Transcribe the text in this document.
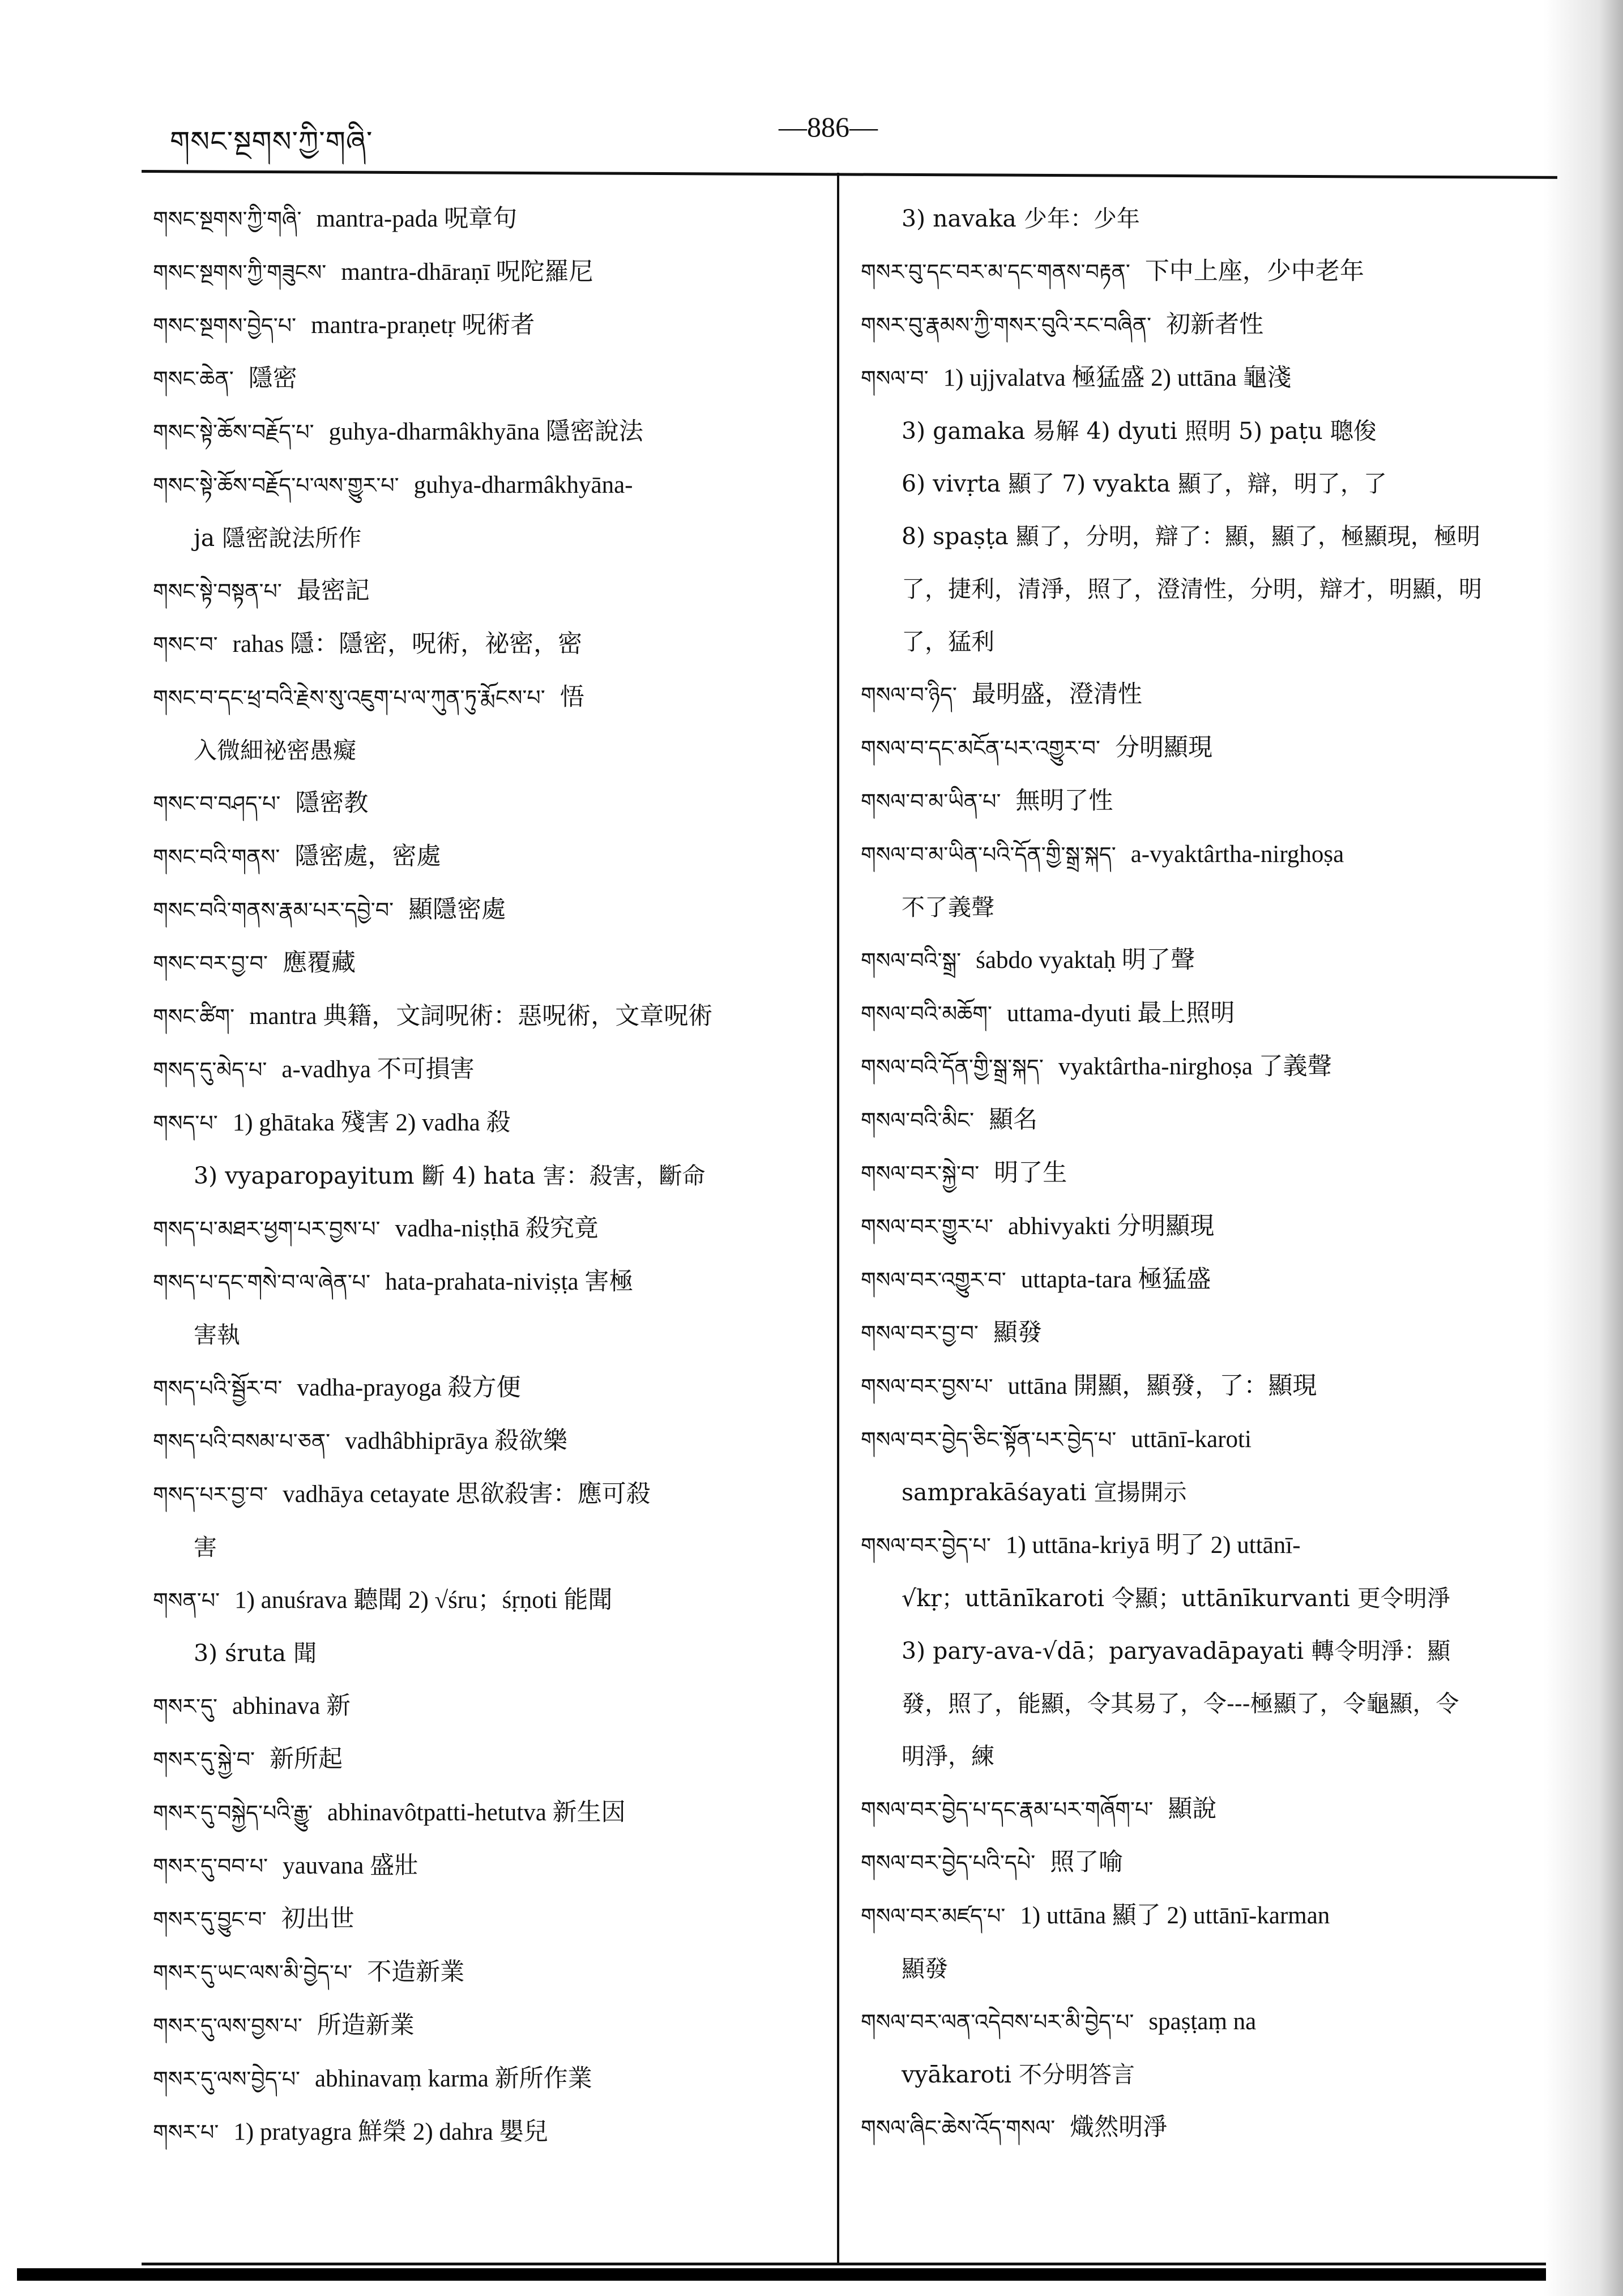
གསང་སྔགས་ཀྱི་གཞི་	—886—
གསང་སྔགས་ཀྱི་གཞི་ mantra-pada 呪章句
གསང་སྔགས་ཀྱི་གཟུངས་ mantra-dhāraṇī 呪陀羅尼
གསང་སྔགས་བྱེད་པ་ mantra-praṇetṛ 呪術者
གསང་ཆེན་ 隱密
གསང་སྟེ་ཆོས་བརྗོད་པ་ guhya-dharmâkhyāna 隱密說法
གསང་སྟེ་ཆོས་བརྗོད་པ་ལས་གྱུར་པ་ guhya-dharmâkhyāna-
ja 隱密說法所作
གསང་སྟེ་བསྟན་པ་ 最密記
གསང་བ་ rahas 隱：隱密，呪術，祕密，密
གསང་བ་དང་ཕྲ་བའི་རྗེས་སུ་འཇུག་པ་ལ་ཀུན་ཏུ་རྨོངས་པ་ 悟
入微細祕密愚癡
གསང་བ་བཤད་པ་ 隱密教
གསང་བའི་གནས་ 隱密處，密處
གསང་བའི་གནས་རྣམ་པར་དབྱེ་བ་ 顯隱密處
གསང་བར་བྱ་བ་ 應覆藏
གསང་ཚིག་ mantra 典籍，文詞呪術：惡呪術，文章呪術
གསད་དུ་མེད་པ་ a-vadhya 不可損害
གསད་པ་ 1) ghātaka 殘害 2) vadha 殺
3) vyaparopayitum 斷 4) hata 害：殺害，斷命
གསད་པ་མཐར་ཕྱག་པར་བྱས་པ་ vadha-niṣṭhā 殺究竟
གསད་པ་དང་གསེ་བ་ལ་ཞེན་པ་ hata-prahata-niviṣṭa 害極
害執
གསད་པའི་སྦྱོར་བ་ vadha-prayoga 殺方便
གསད་པའི་བསམ་པ་ཅན་ vadhâbhiprāya 殺欲樂
གསད་པར་བྱ་བ་ vadhāya cetayate 思欲殺害：應可殺
害
གསན་པ་ 1) anuśrava 聽聞 2) √śru；śṛṇoti 能聞
3) śruta 聞
གསར་དུ་ abhinava 新
གསར་དུ་སྐྱེ་བ་ 新所起
གསར་དུ་བསྐྱེད་པའི་རྒྱུ་ abhinavôtpatti-hetutva 新生因
གསར་དུ་བབ་པ་ yauvana 盛壯
གསར་དུ་བྱུང་བ་ 初出世
གསར་དུ་ཡང་ལས་མི་བྱེད་པ་ 不造新業
གསར་དུ་ལས་བྱས་པ་ 所造新業
གསར་དུ་ལས་བྱེད་པ་ abhinavaṃ karma 新所作業
གསར་པ་ 1) pratyagra 鮮榮 2) dahra 嬰兒
3) navaka 少年：少年
གསར་བུ་དང་བར་མ་དང་གནས་བརྟན་ 下中上座，少中老年
གསར་བུ་རྣམས་ཀྱི་གསར་བུའི་རང་བཞིན་ 初新者性
གསལ་བ་ 1) ujjvalatva 極猛盛 2) uttāna 龜淺
3) gamaka 易解 4) dyuti 照明 5) paṭu 聰俊
6) vivṛta 顯了 7) vyakta 顯了，辯，明了，了
8) spaṣṭa 顯了，分明，辯了：顯，顯了，極顯現，極明
了，捷利，清淨，照了，澄清性，分明，辯才，明顯，明
了，猛利
གསལ་བ་ཉིད་ 最明盛，澄清性
གསལ་བ་དང་མངོན་པར་འགྱུར་བ་ 分明顯現
གསལ་བ་མ་ཡིན་པ་ 無明了性
གསལ་བ་མ་ཡིན་པའི་དོན་གྱི་སྒྲ་སྐད་ a-vyaktârtha-nirghoṣa
不了義聲
གསལ་བའི་སྒྲ་ śabdo vyaktaḥ 明了聲
གསལ་བའི་མཆོག་ uttama-dyuti 最上照明
གསལ་བའི་དོན་གྱི་སྒྲ་སྐད་ vyaktârtha-nirghoṣa 了義聲
གསལ་བའི་མིང་ 顯名
གསལ་བར་སྐྱེ་བ་ 明了生
གསལ་བར་གྱུར་པ་ abhivyakti 分明顯現
གསལ་བར་འགྱུར་བ་ uttapta-tara 極猛盛
གསལ་བར་བྱ་བ་ 顯發
གསལ་བར་བྱས་པ་ uttāna 開顯，顯發，了：顯現
གསལ་བར་བྱེད་ཅིང་སྟོན་པར་བྱེད་པ་ uttānī-karoti
samprakāśayati 宣揚開示
གསལ་བར་བྱེད་པ་ 1) uttāna-kriyā 明了 2) uttānī-
√kṛ；uttānīkaroti 令顯；uttānīkurvanti 更令明淨
3) pary-ava-√dā；paryavadāpayati 轉令明淨：顯
發，照了，能顯，令其易了，令---極顯了，令龜顯，令
明淨，練
གསལ་བར་བྱེད་པ་དང་རྣམ་པར་གཞོག་པ་ 顯說
གསལ་བར་བྱེད་པའི་དཔེ་ 照了喻
གསལ་བར་མཛད་པ་ 1) uttāna 顯了 2) uttānī-karman
顯發
གསལ་བར་ལན་འདེབས་པར་མི་བྱེད་པ་ spaṣṭaṃ na
vyākaroti 不分明答言
གསལ་ཞིང་ཆེས་འོད་གསལ་ 熾然明淨
